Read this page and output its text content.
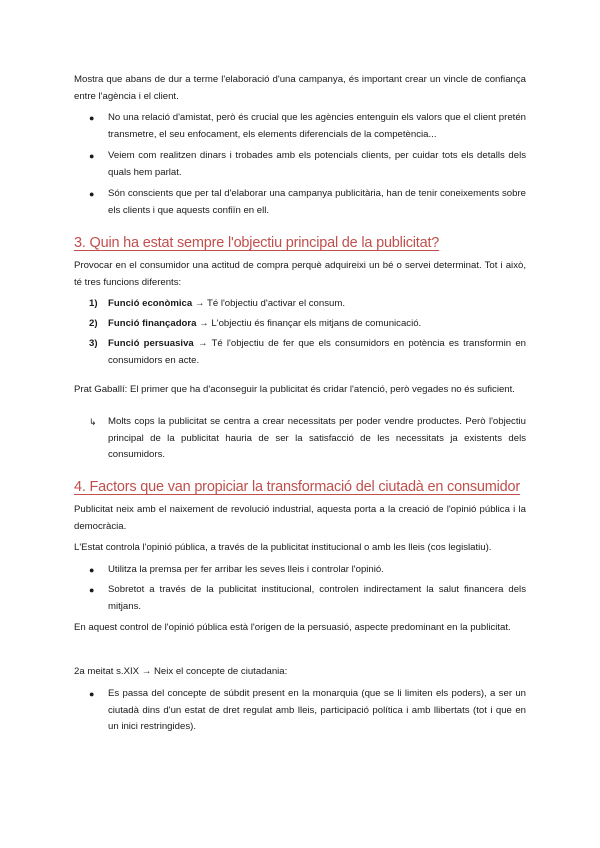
Mostra que abans de dur a terme l'elaboració d'una campanya, és important crear un vincle de confiança entre l'agència i el client.

● No una relació d'amistat, però és crucial que les agències entenguin els valors que el client pretén transmetre, el seu enfocament, els elements diferencials de la competència...

● Veiem com realitzen dinars i trobades amb els potencials clients, per cuidar tots els detalls dels quals hem parlat.

● Són conscients que per tal d'elaborar una campanya publicitària, han de tenir coneixements sobre els clients i que aquests confiïn en ell.

3. Quin ha estat sempre l'objectiu principal de la publicitat?

Provocar en el consumidor una actitud de compra perquè adquireixi un bé o servei determinat. Tot i això, té tres funcions diferents:

1) Funció econòmica → Té l'objectiu d'activar el consum.

2) Funció finançadora → L'objectiu és finançar els mitjans de comunicació.

3) Funció persuasiva → Té l'objectiu de fer que els consumidors en potència es transformin en consumidors en acte.

Prat Gaballí: El primer que ha d'aconseguir la publicitat és cridar l'atenció, però vegades no és suficient.

↳ Molts cops la publicitat se centra a crear necessitats per poder vendre productes. Però l'objectiu principal de la publicitat hauria de ser la satisfacció de les necessitats ja existents dels consumidors.

4. Factors que van propiciar la transformació del ciutadà en consumidor

Publicitat neix amb el naixement de revolució industrial, aquesta porta a la creació de l'opinió pública i la democràcia.

L'Estat controla l'opinió pública, a través de la publicitat institucional o amb les lleis (cos legislatiu).

● Utilitza la premsa per fer arribar les seves lleis i controlar l'opinió.

● Sobretot a través de la publicitat institucional, controlen indirectament la salut financera dels mitjans.

En aquest control de l'opinió pública està l'origen de la persuasió, aspecte predominant en la publicitat.

2a meitat s.XIX → Neix el concepte de ciutadania:

● Es passa del concepte de súbdit present en la monarquia (que se li limiten els poders), a ser un ciutadà dins d'un estat de dret regulat amb lleis, participació política i amb llibertats (tot i que en un inici restringides).
